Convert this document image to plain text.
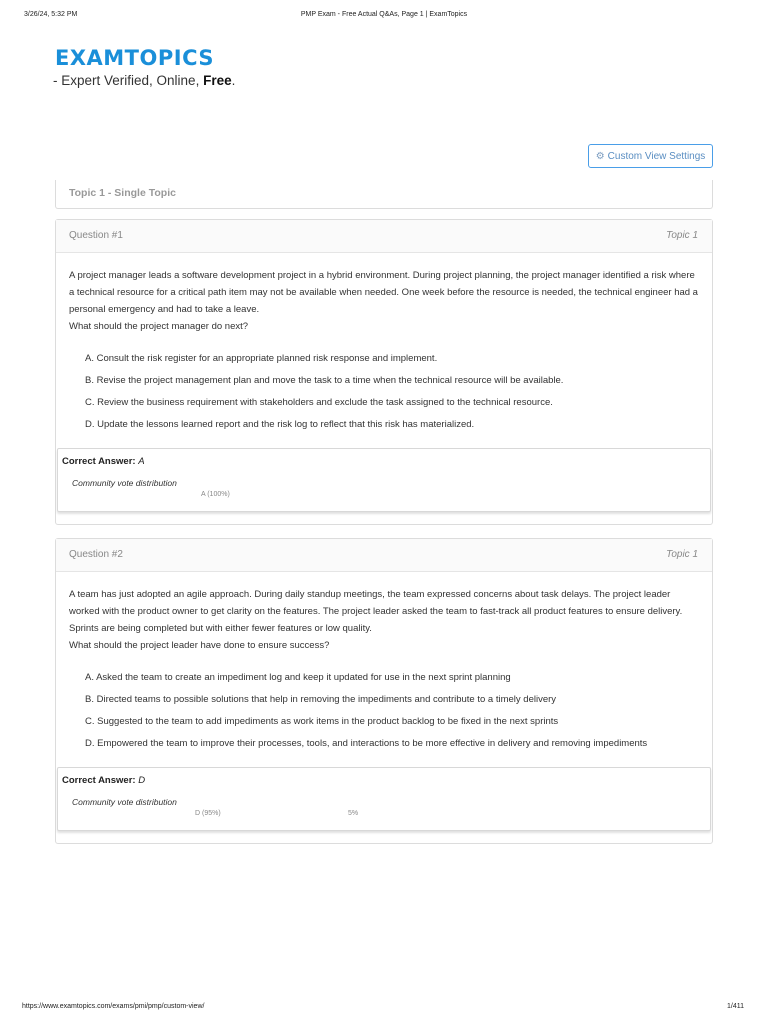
3/26/24, 5:32 PM	PMP Exam - Free Actual Q&As, Page 1 | ExamTopics
EXAMTOPICS
- Expert Verified, Online, Free.
⚙ Custom View Settings
Topic 1 - Single Topic
Question #1	Topic 1

A project manager leads a software development project in a hybrid environment. During project planning, the project manager identified a risk where a technical resource for a critical path item may not be available when needed. One week before the resource is needed, the technical engineer had a personal emergency and had to take a leave.

What should the project manager do next?

A. Consult the risk register for an appropriate planned risk response and implement.
B. Revise the project management plan and move the task to a time when the technical resource will be available.
C. Review the business requirement with stakeholders and exclude the task assigned to the technical resource.
D. Update the lessons learned report and the risk log to reflect that this risk has materialized.
Correct Answer: A
Community vote distribution
A (100%)
Question #2	Topic 1

A team has just adopted an agile approach. During daily standup meetings, the team expressed concerns about task delays. The project leader worked with the product owner to get clarity on the features. The project leader asked the team to fast-track all product features to ensure delivery. Sprints are being completed but with either fewer features or low quality.

What should the project leader have done to ensure success?

A. Asked the team to create an impediment log and keep it updated for use in the next sprint planning
B. Directed teams to possible solutions that help in removing the impediments and contribute to a timely delivery
C. Suggested to the team to add impediments as work items in the product backlog to be fixed in the next sprints
D. Empowered the team to improve their processes, tools, and interactions to be more effective in delivery and removing impediments
Correct Answer: D
Community vote distribution
D (95%)	5%
https://www.examtopics.com/exams/pmi/pmp/custom-view/	1/411
